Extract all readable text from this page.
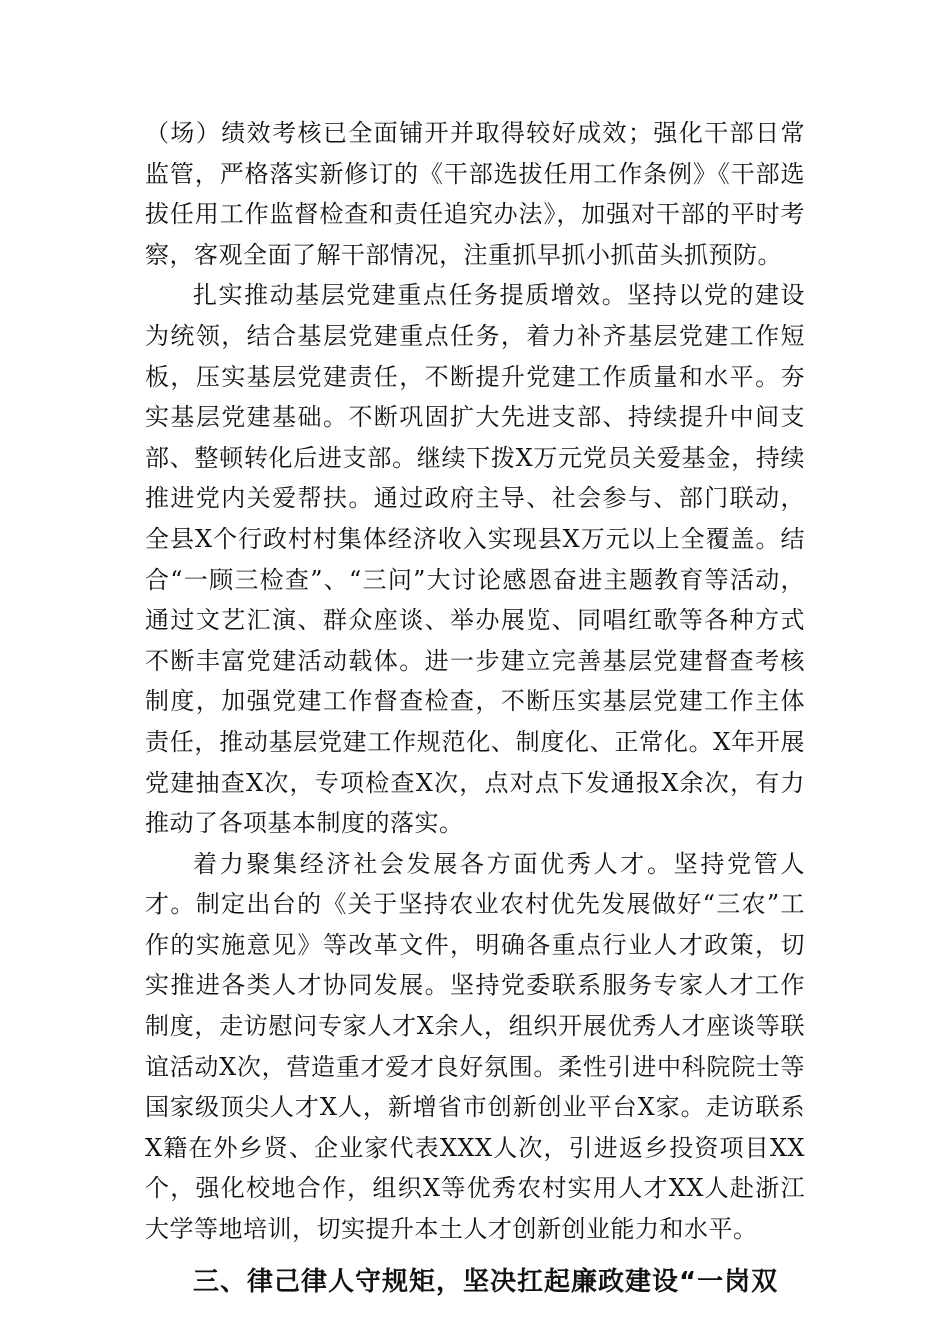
（场）绩效考核已全面铺开并取得较好成效；强化干部日常监管，严格落实新修订的《干部选拔任用工作条例》《干部选拔任用工作监督检查和责任追究办法》，加强对干部的平时考察，客观全面了解干部情况，注重抓早抓小抓苗头抓预防。

扎实推动基层党建重点任务提质增效。坚持以党的建设为统领，结合基层党建重点任务，着力补齐基层党建工作短板，压实基层党建责任，不断提升党建工作质量和水平。夯实基层党建基础。不断巩固扩大先进支部、持续提升中间支部、整顿转化后进支部。继续下拨X万元党员关爱基金，持续推进党内关爱帮扶。通过政府主导、社会参与、部门联动，全县X个行政村村集体经济收入实现县X万元以上全覆盖。结合“一顾三检查”、“三问”大讨论感恩奋进主题教育等活动，通过文艺汇演、群众座谈、举办展览、同唱红歌等各种方式不断丰富党建活动载体。进一步建立完善基层党建督查考核制度，加强党建工作督查检查，不断压实基层党建工作主体责任，推动基层党建工作规范化、制度化、正常化。X年开展党建抽查X次，专项检查X次，点对点下发通报X余次，有力推动了各项基本制度的落实。

着力聚集经济社会发展各方面优秀人才。坚持党管人才。制定出台的《关于坚持农业农村优先发展做好“三农”工作的实施意见》等改革文件，明确各重点行业人才政策，切实推进各类人才协同发展。坚持党委联系服务专家人才工作制度，走访慰问专家人才X余人，组织开展优秀人才座谈等联谊活动X次，营造重才爱才良好氛围。柔性引进中科院院士等国家级顶尖人才X人，新增省市创新创业平台X家。走访联系X籍在外乡贤、企业家代表XXX人次，引进返乡投资项目XX个，强化校地合作，组织X等优秀农村实用人才XX人赴浙江大学等地培训，切实提升本土人才创新创业能力和水平。

三、律己律人守规矩，坚决扛起廉政建设“一岗双
